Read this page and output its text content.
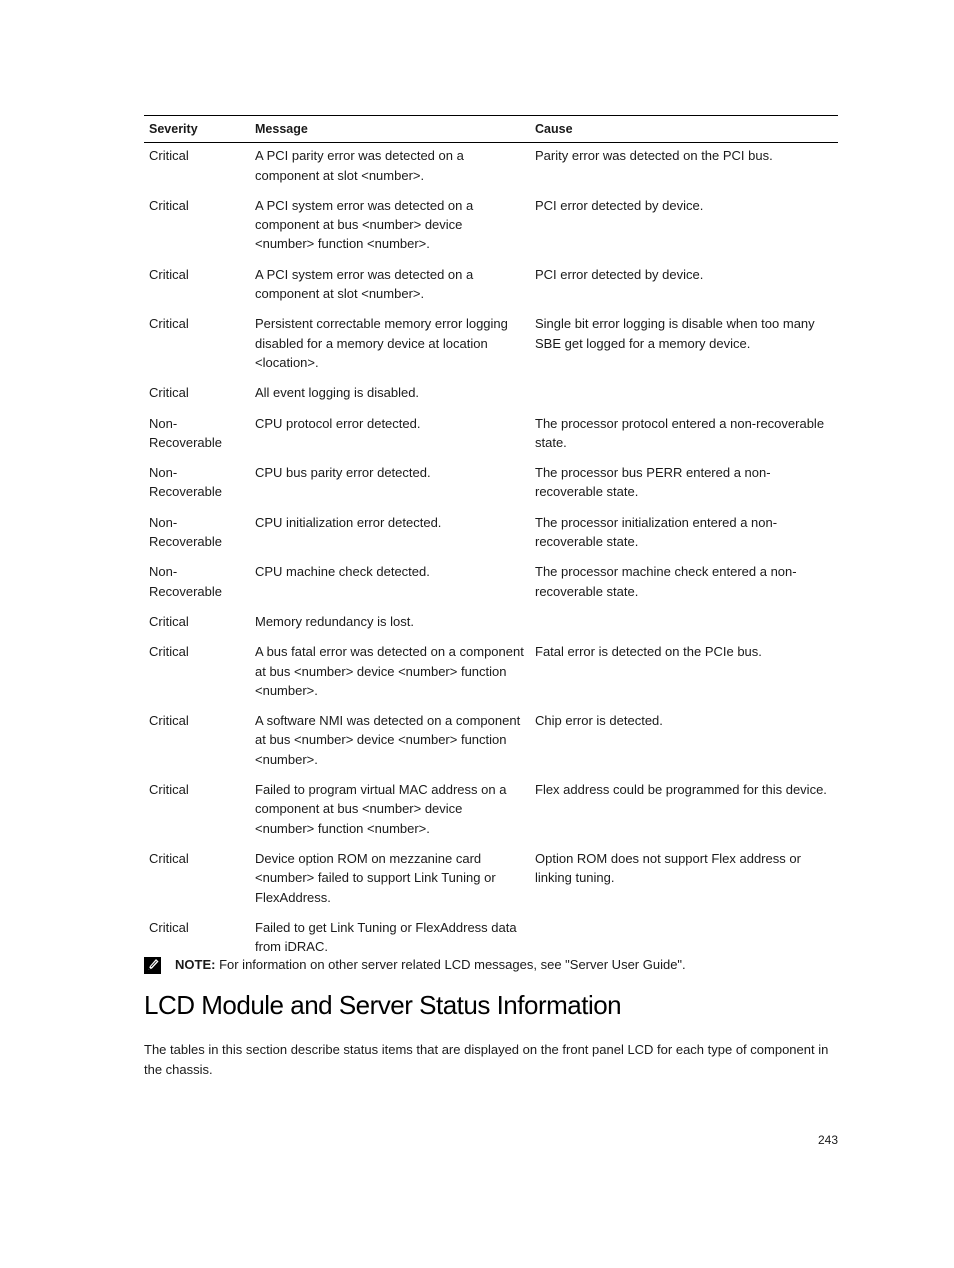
Severity	Message	Cause
Critical	A PCI parity error was detected on a component at slot <number>.	Parity error was detected on the PCI bus.
Critical	A PCI system error was detected on a component at bus <number> device <number> function <number>.	PCI error detected by device.
Critical	A PCI system error was detected on a component at slot <number>.	PCI error detected by device.
Critical	Persistent correctable memory error logging disabled for a memory device at location <location>.	Single bit error logging is disable when too many SBE get logged for a memory device.
Critical	All event logging is disabled.	
Non-Recoverable	CPU protocol error detected.	The processor protocol entered a non-recoverable state.
Non-Recoverable	CPU bus parity error detected.	The processor bus PERR entered a non-recoverable state.
Non-Recoverable	CPU initialization error detected.	The processor initialization entered a non-recoverable state.
Non-Recoverable	CPU machine check detected.	The processor machine check entered a non-recoverable state.
Critical	Memory redundancy is lost.	
Critical	A bus fatal error was detected on a component at bus <number> device <number> function <number>.	Fatal error is detected on the PCIe bus.
Critical	A software NMI was detected on a component at bus <number> device <number> function <number>.	Chip error is detected.
Critical	Failed to program virtual MAC address on a component at bus <number> device <number> function <number>.	Flex address could be programmed for this device.
Critical	Device option ROM on mezzanine card <number> failed to support Link Tuning or FlexAddress.	Option ROM does not support Flex address or linking tuning.
Critical	Failed to get Link Tuning or FlexAddress data from iDRAC.	
NOTE: For information on other server related LCD messages, see "Server User Guide".
LCD Module and Server Status Information

The tables in this section describe status items that are displayed on the front panel LCD for each type of component in the chassis.

243
